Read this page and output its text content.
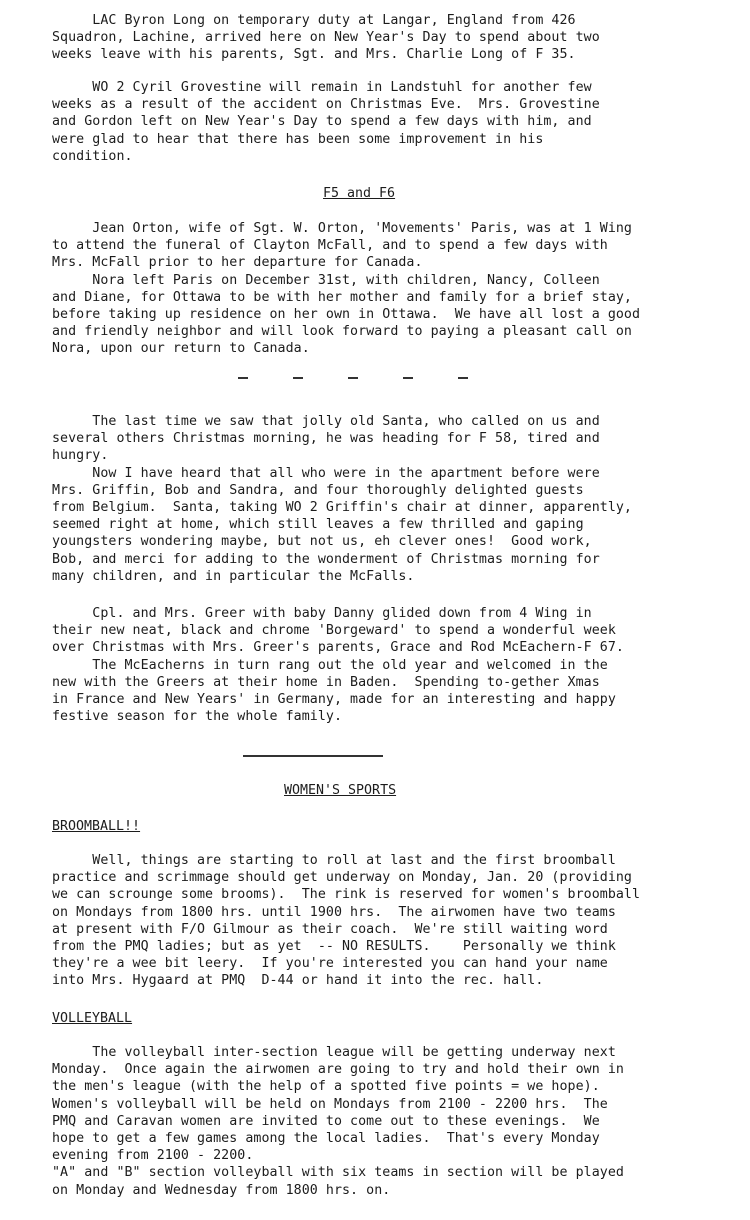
LAC Byron Long on temporary duty at Langar, England from 426

Squadron, Lachine, arrived here on New Year's Day to spend about two

weeks leave with his parents, Sgt. and Mrs. Charlie Long of F 35.

WO 2 Cyril Grovestine will remain in Landstuhl for another few

weeks as a result of the accident on Christmas Eve.  Mrs. Grovestine

and Gordon left on New Year's Day to spend a few days with him, and

were glad to hear that there has been some improvement in his

condition.

F5 and F6

Jean Orton, wife of Sgt. W. Orton, 'Movements' Paris, was at 1 Wing

to attend the funeral of Clayton McFall, and to spend a few days with

Mrs. McFall prior to her departure for Canada.

Nora left Paris on December 31st, with children, Nancy, Colleen

and Diane, for Ottawa to be with her mother and family for a brief stay,

before taking up residence on her own in Ottawa.  We have all lost a good

and friendly neighbor and will look forward to paying a pleasant call on

Nora, upon our return to Canada.

The last time we saw that jolly old Santa, who called on us and

several others Christmas morning, he was heading for F 58, tired and

hungry.

Now I have heard that all who were in the apartment before were

Mrs. Griffin, Bob and Sandra, and four thoroughly delighted guests

from Belgium.  Santa, taking WO 2 Griffin's chair at dinner, apparently,

seemed right at home, which still leaves a few thrilled and gaping

youngsters wondering maybe, but not us, eh clever ones!  Good work,

Bob, and merci for adding to the wonderment of Christmas morning for

many children, and in particular the McFalls.

Cpl. and Mrs. Greer with baby Danny glided down from 4 Wing in

their new neat, black and chrome 'Borgeward' to spend a wonderful week

over Christmas with Mrs. Greer's parents, Grace and Rod McEachern-F 67.

The McEacherns in turn rang out the old year and welcomed in the

new with the Greers at their home in Baden.  Spending to-gether Xmas

in France and New Years' in Germany, made for an interesting and happy

festive season for the whole family.

WOMEN'S SPORTS
BROOMBALL!!

Well, things are starting to roll at last and the first broomball

practice and scrimmage should get underway on Monday, Jan. 20 (providing

we can scrounge some brooms).  The rink is reserved for women's broomball

on Mondays from 1800 hrs. until 1900 hrs.  The airwomen have two teams

at present with F/O Gilmour as their coach.  We're still waiting word

from the PMQ ladies; but as yet  -- NO RESULTS.    Personally we think

they're a wee bit leery.  If you're interested you can hand your name

into Mrs. Hygaard at PMQ  D-44 or hand it into the rec. hall.

VOLLEYBALL

The volleyball inter-section league will be getting underway next

Monday.  Once again the airwomen are going to try and hold their own in

the men's league (with the help of a spotted five points = we hope).

Women's volleyball will be held on Mondays from 2100 - 2200 hrs.  The

PMQ and Caravan women are invited to come out to these evenings.  We

hope to get a few games among the local ladies.  That's every Monday

evening from 2100 - 2200.

"A" and "B" section volleyball with six teams in section will be played

on Monday and Wednesday from 1800 hrs. on.
